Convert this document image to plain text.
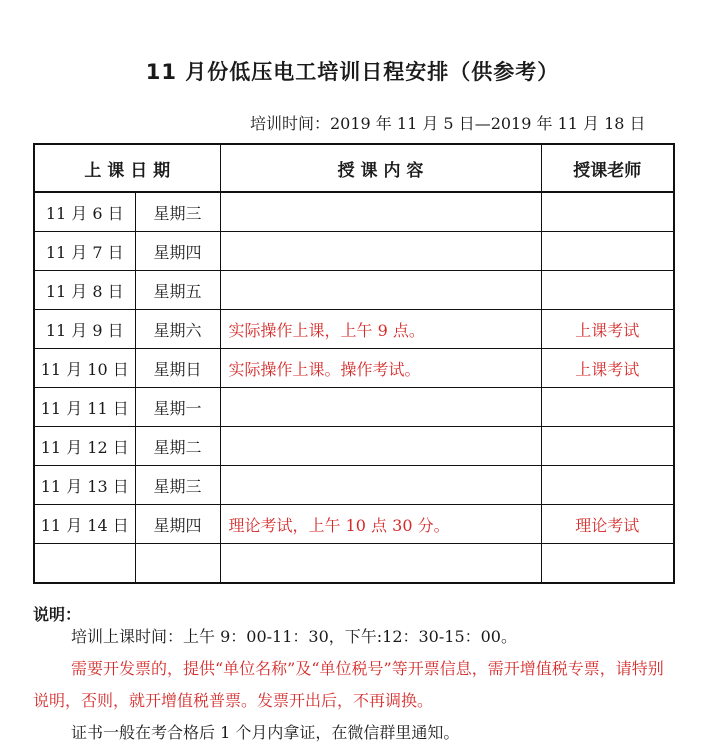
11 月份低压电工培训日程安排（供参考）
培训时间：2019 年 11 月 5 日—2019 年 11 月 18 日
上 课 日 期		授 课 内 容	授课老师
11 月 6 日	星期三		
11 月 7 日	星期四		
11 月 8 日	星期五		
11 月 9 日	星期六	实际操作上课，上午 9 点。	上课考试
11 月 10 日	星期日	实际操作上课。操作考试。	上课考试
11 月 11 日	星期一		
11 月 12 日	星期二		
11 月 13 日	星期三		
11 月 14 日	星期四	理论考试，上午 10 点 30 分。	理论考试

说明：
培训上课时间：上午 9：00-11：30，下午:12：30-15：00。
需要开发票的，提供“单位名称”及“单位税号”等开票信息，需开增值税专票，请特别说明，否则，就开增值税普票。发票开出后，不再调换。
证书一般在考合格后 1 个月内拿证，在微信群里通知。
